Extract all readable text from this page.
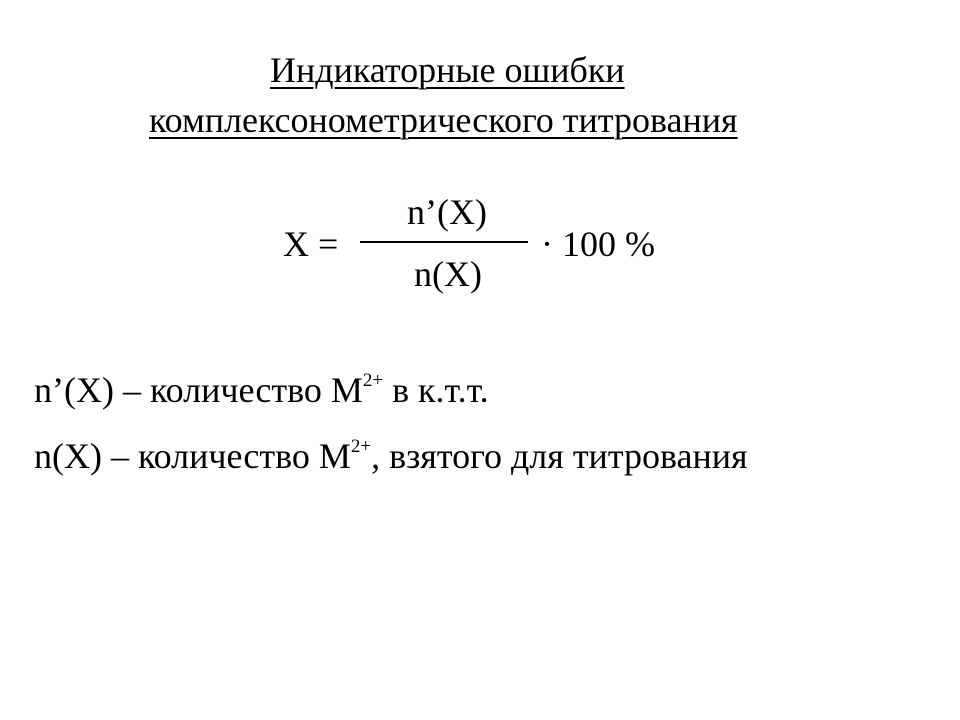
Индикаторные ошибки
комплексонометрического титрования
n’(X)
X =	· 100 %
n(X)
n’(X) – количество $М^{2+}$ в к.т.т.
n(X) – количество $М^{2+}$, взятого для титрования
